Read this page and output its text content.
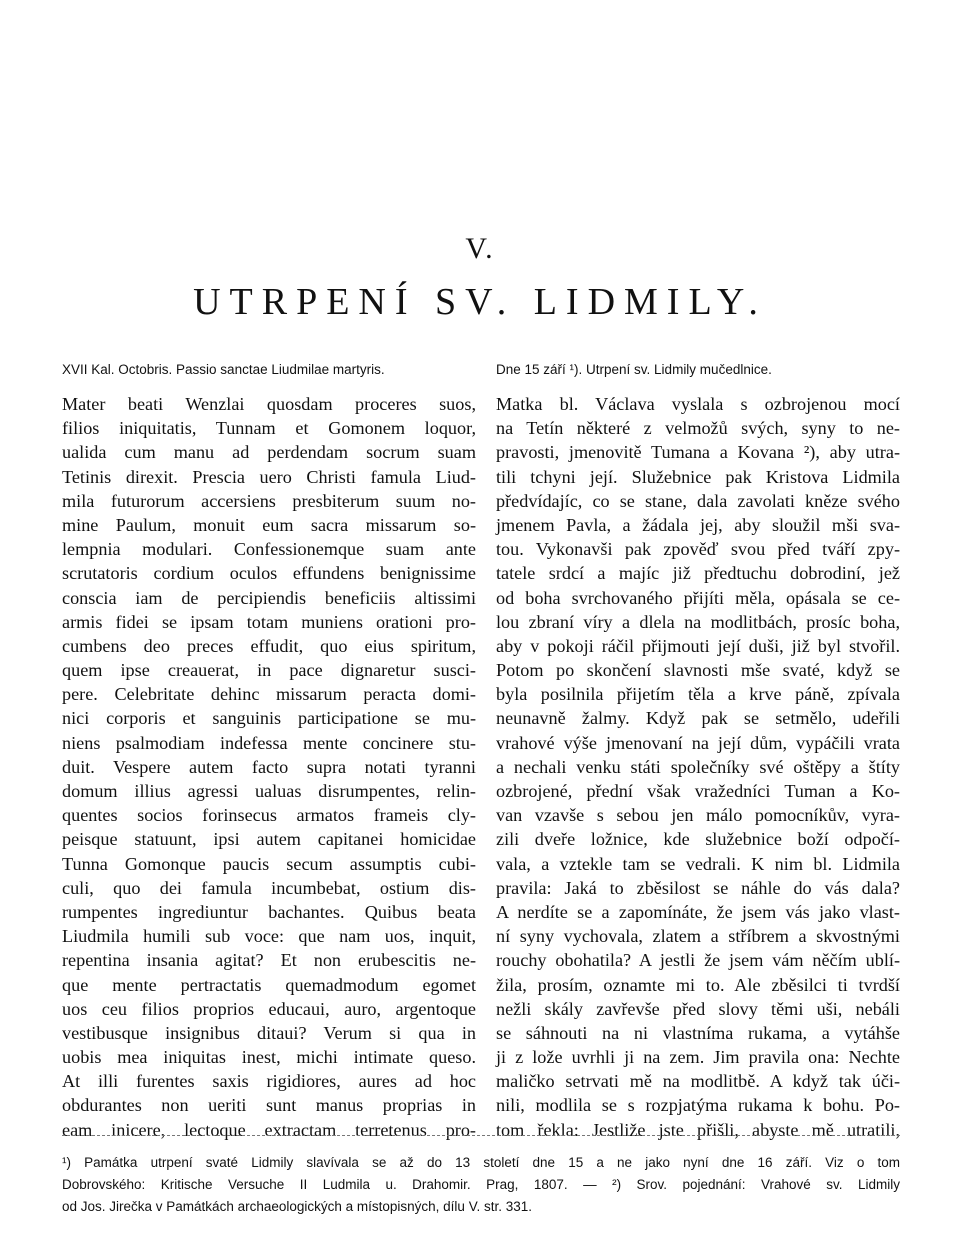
V.
UTRPENÍ SV. LIDMILY.
XVII Kal. Octobris. Passio sanctae Liudmilae martyris.
Mater beati Wenzlai quosdam proceres suos,
filios iniquitatis, Tunnam et Gomonem loquor,
ualida cum manu ad perdendam socrum suam
Tetinis direxit. Prescia uero Christi famula Liud-
mila futurorum accersiens presbiterum suum no-
mine Paulum, monuit eum sacra missarum so-
lempnia modulari. Confessionemque suam ante
scrutatoris cordium oculos effundens benignissime
conscia iam de percipiendis beneficiis altissimi
armis fidei se ipsam totam muniens orationi pro-
cumbens deo preces effudit, quo eius spiritum,
quem ipse creauerat, in pace dignaretur susci-
pere. Celebritate dehinc missarum peracta domi-
nici corporis et sanguinis participatione se mu-
niens psalmodiam indefessa mente concinere stu-
duit. Vespere autem facto supra notati tyranni
domum illius agressi ualuas disrumpentes, relin-
quentes socios forinsecus armatos frameis cly-
peisque statuunt, ipsi autem capitanei homicidae
Tunna Gomonque paucis secum assumptis cubi-
culi, quo dei famula incumbebat, ostium dis-
rumpentes ingrediuntur bachantes. Quibus beata
Liudmila humili sub voce: que nam uos, inquit,
repentina insania agitat? Et non erubescitis ne-
que mente pertractatis quemadmodum egomet
uos ceu filios proprios educaui, auro, argentoque
vestibusque insignibus ditaui? Verum si qua in
uobis mea iniquitas inest, michi intimate queso.
At illi furentes saxis rigidiores, aures ad hoc
obdurantes non ueriti sunt manus proprias in
eam inicere, lectoque extractam terretenus pro-
Dne 15 září ¹). Utrpení sv. Lidmily mučedlnice.
Matka bl. Václava vyslala s ozbrojenou mocí
na Tetín některé z velmožů svých, syny to ne-
pravosti, jmenovitě Tumana a Kovana ²), aby utra-
tili tchyni její. Služebnice pak Kristova Lidmila
předvídajíc, co se stane, dala zavolati kněze svého
jmenem Pavla, a žádala jej, aby sloužil mši sva-
tou. Vykonavši pak zpověď svou před tváří zpy-
tatele srdcí a majíc již předtuchu dobrodiní, jež
od boha svrchovaného přijíti měla, opásala se ce-
lou zbraní víry a dlela na modlitbách, prosíc boha,
aby v pokoji ráčil přijmouti její duši, již byl stvořil.
Potom po skončení slavnosti mše svaté, když se
byla posilnila přijetím těla a krve páně, zpívala
neunavně žalmy. Když pak se setmělo, udeřili
vrahové výše jmenovaní na její dům, vypáčili vrata
a nechali venku státi společníky své oštěpy a štíty
ozbrojené, přední však vražedníci Tuman a Ko-
van vzavše s sebou jen málo pomocníkův, vyra-
zili dveře ložnice, kde služebnice boží odpočí-
vala, a vztekle tam se vedrali. K nim bl. Lidmila
pravila: Jaká to zběsilost se náhle do vás dala?
A nerdíte se a zapomínáte, že jsem vás jako vlast-
ní syny vychovala, zlatem a stříbrem a skvostnými
rouchy obohatila? A jestli že jsem vám něčím ublí-
žila, prosím, oznamte mi to. Ale zběsilci ti tvrdší
nežli skály zavřevše před slovy těmi uši, nebáli
se sáhnouti na ni vlastníma rukama, a vytáhše
ji z lože uvrhli ji na zem. Jim pravila ona: Nechte
maličko setrvati mě na modlitbě. A když tak úči-
nili, modlila se s rozpjatýma rukama k bohu. Po-
tom řekla: Jestliže jste přišli, abyste mě utratili,
¹) Památka utrpení svaté Lidmily slavívala se až do 13 století dne 15 a ne jako nyní dne 16 září. Viz o tom
Dobrovského: Kritische Versuche II Ludmila u. Drahomir. Prag, 1807. — ²) Srov. pojednání: Vrahové sv. Lidmily
od Jos. Jirečka v Památkách archaeologických a místopisných, dílu V. str. 331.
